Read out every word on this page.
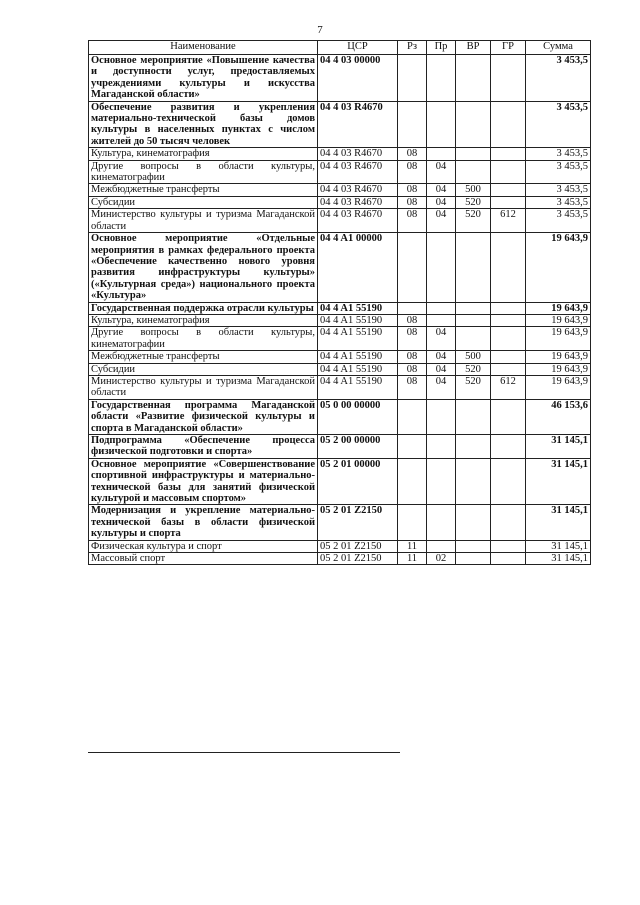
7
Наименование	ЦСР	Рз	Пр	ВР	ГР	Сумма
Основное мероприятие «Повышение качества и доступности услуг, предоставляемых учреждениями культуры и искусства Магаданской области»	04 4 03 00000					3 453,5
Обеспечение развития и укрепления материально-технической базы домов культуры в населенных пунктах с числом жителей до 50 тысяч человек	04 4 03 R4670					3 453,5
Культура, кинематография	04 4 03 R4670	08				3 453,5
Другие вопросы в области культуры, кинематографии	04 4 03 R4670	08	04			3 453,5
Межбюджетные трансферты	04 4 03 R4670	08	04	500		3 453,5
Субсидии	04 4 03 R4670	08	04	520		3 453,5
Министерство культуры и туризма Магаданской области	04 4 03 R4670	08	04	520	612	3 453,5
Основное мероприятие «Отдельные мероприятия в рамках федерального проекта «Обеспечение качественно нового уровня развития инфраструктуры культуры» («Культурная среда») национального проекта «Культура»	04 4 A1 00000					19 643,9
Государственная поддержка отрасли культуры	04 4 A1 55190					19 643,9
Культура, кинематография	04 4 A1 55190	08				19 643,9
Другие вопросы в области культуры, кинематографии	04 4 A1 55190	08	04			19 643,9
Межбюджетные трансферты	04 4 A1 55190	08	04	500		19 643,9
Субсидии	04 4 A1 55190	08	04	520		19 643,9
Министерство культуры и туризма Магаданской области	04 4 A1 55190	08	04	520	612	19 643,9
Государственная программа Магаданской области «Развитие физической культуры и спорта в Магаданской области»	05 0 00 00000					46 153,6
Подпрограмма «Обеспечение процесса физической подготовки и спорта»	05 2 00 00000					31 145,1
Основное мероприятие «Совершенствование спортивной инфраструктуры и материально-технической базы для занятий физической культурой и массовым спортом»	05 2 01 00000					31 145,1
Модернизация и укрепление материально-технической базы в области физической культуры и спорта	05 2 01 Z2150					31 145,1
Физическая культура и спорт	05 2 01 Z2150	11				31 145,1
Массовый спорт	05 2 01 Z2150	11	02			31 145,1
